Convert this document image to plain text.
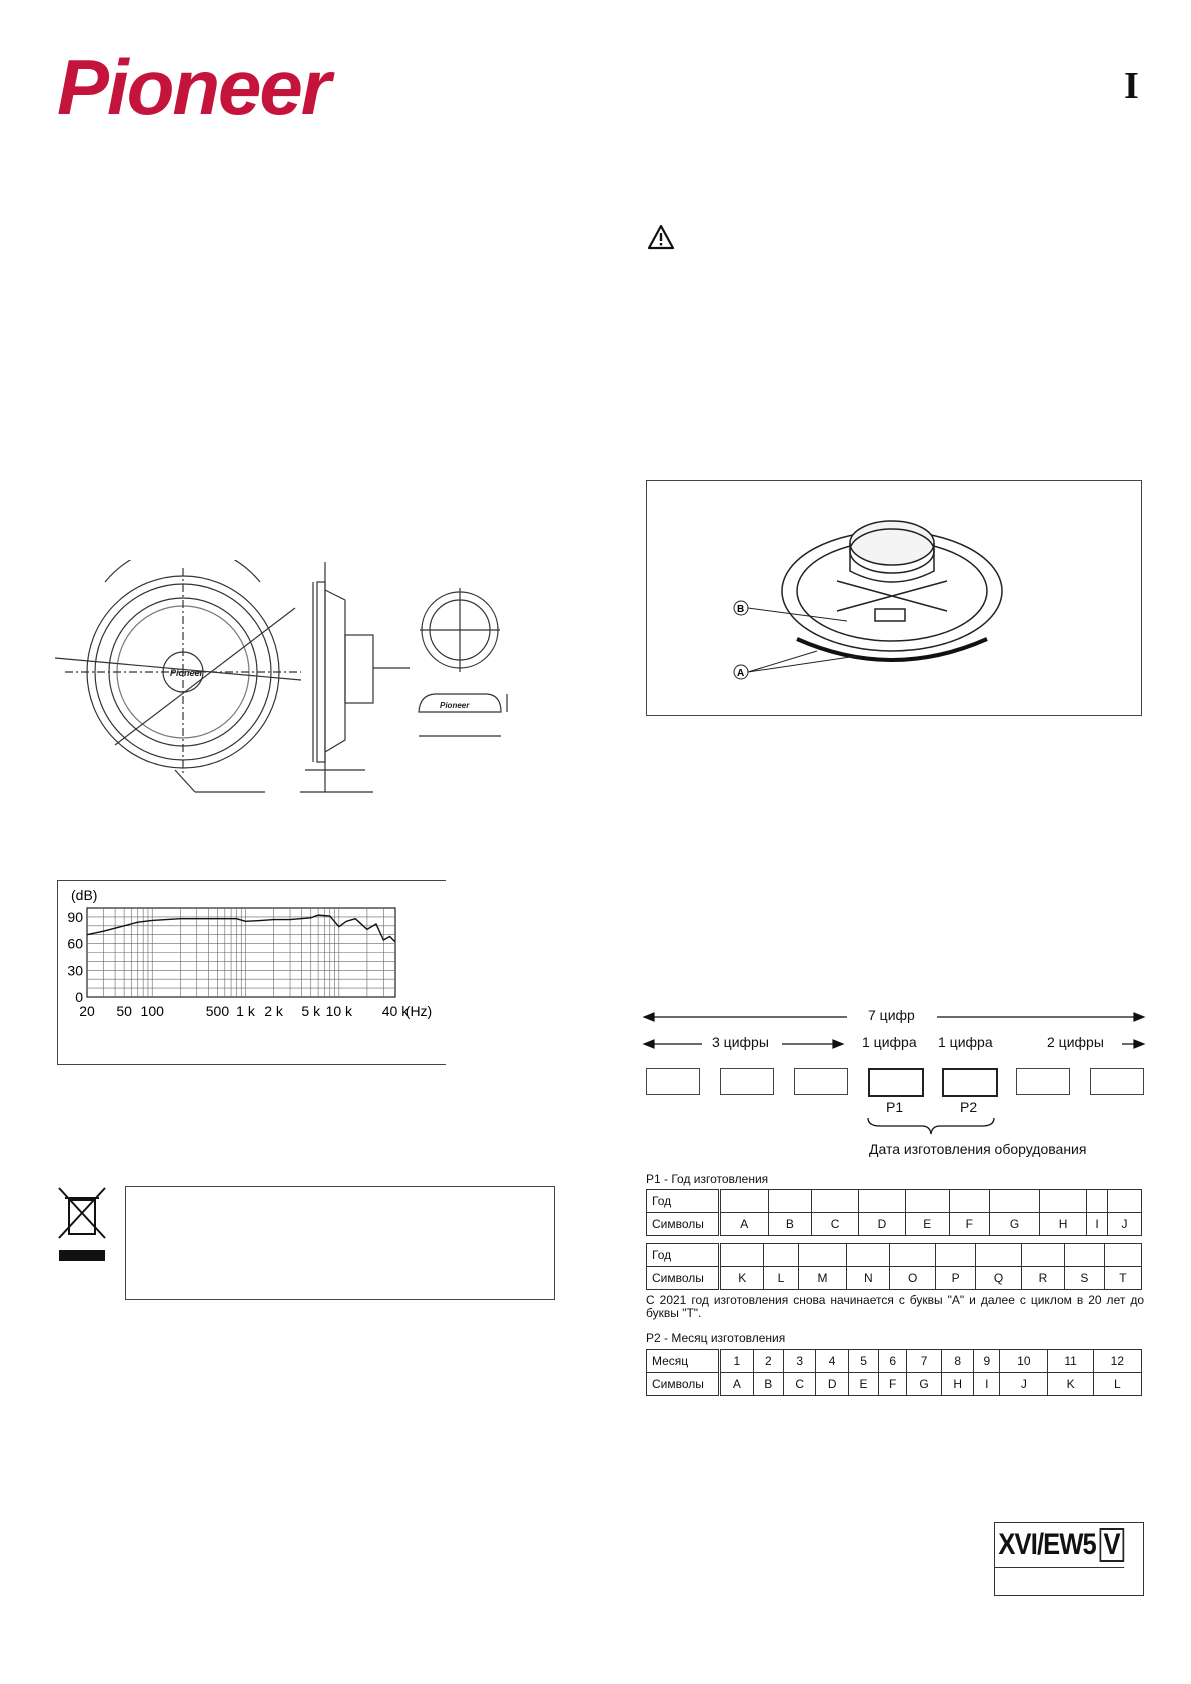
Pioneer	I
Pioneer
Pioneer
90
60
30
0
20 50 100	500 1 k 2 k 5 k 10 k 40 k
(dB)
(Hz)
B
A
7 цифр
3 цифры	1 цифра 1 цифра	2 цифры
P1	P2
Дата изготовления оборудования
P1 - Год изготовления
Год										
Символы	A	B	C	D	E	F	G	H	I	J
Год										
Символы	K	L	M	N	O	P	Q	R	S	T
С 2021 год изготовления снова начинается с буквы "A" и далее с циклом в 20 лет до буквы "T".
P2 - Месяц изготовления
Месяц	1	2	3	4	5	6	7	8	9	10	11	12
Символы	A	B	C	D	E	F	G	H	I	J	K	L
XVI/EW5 V
